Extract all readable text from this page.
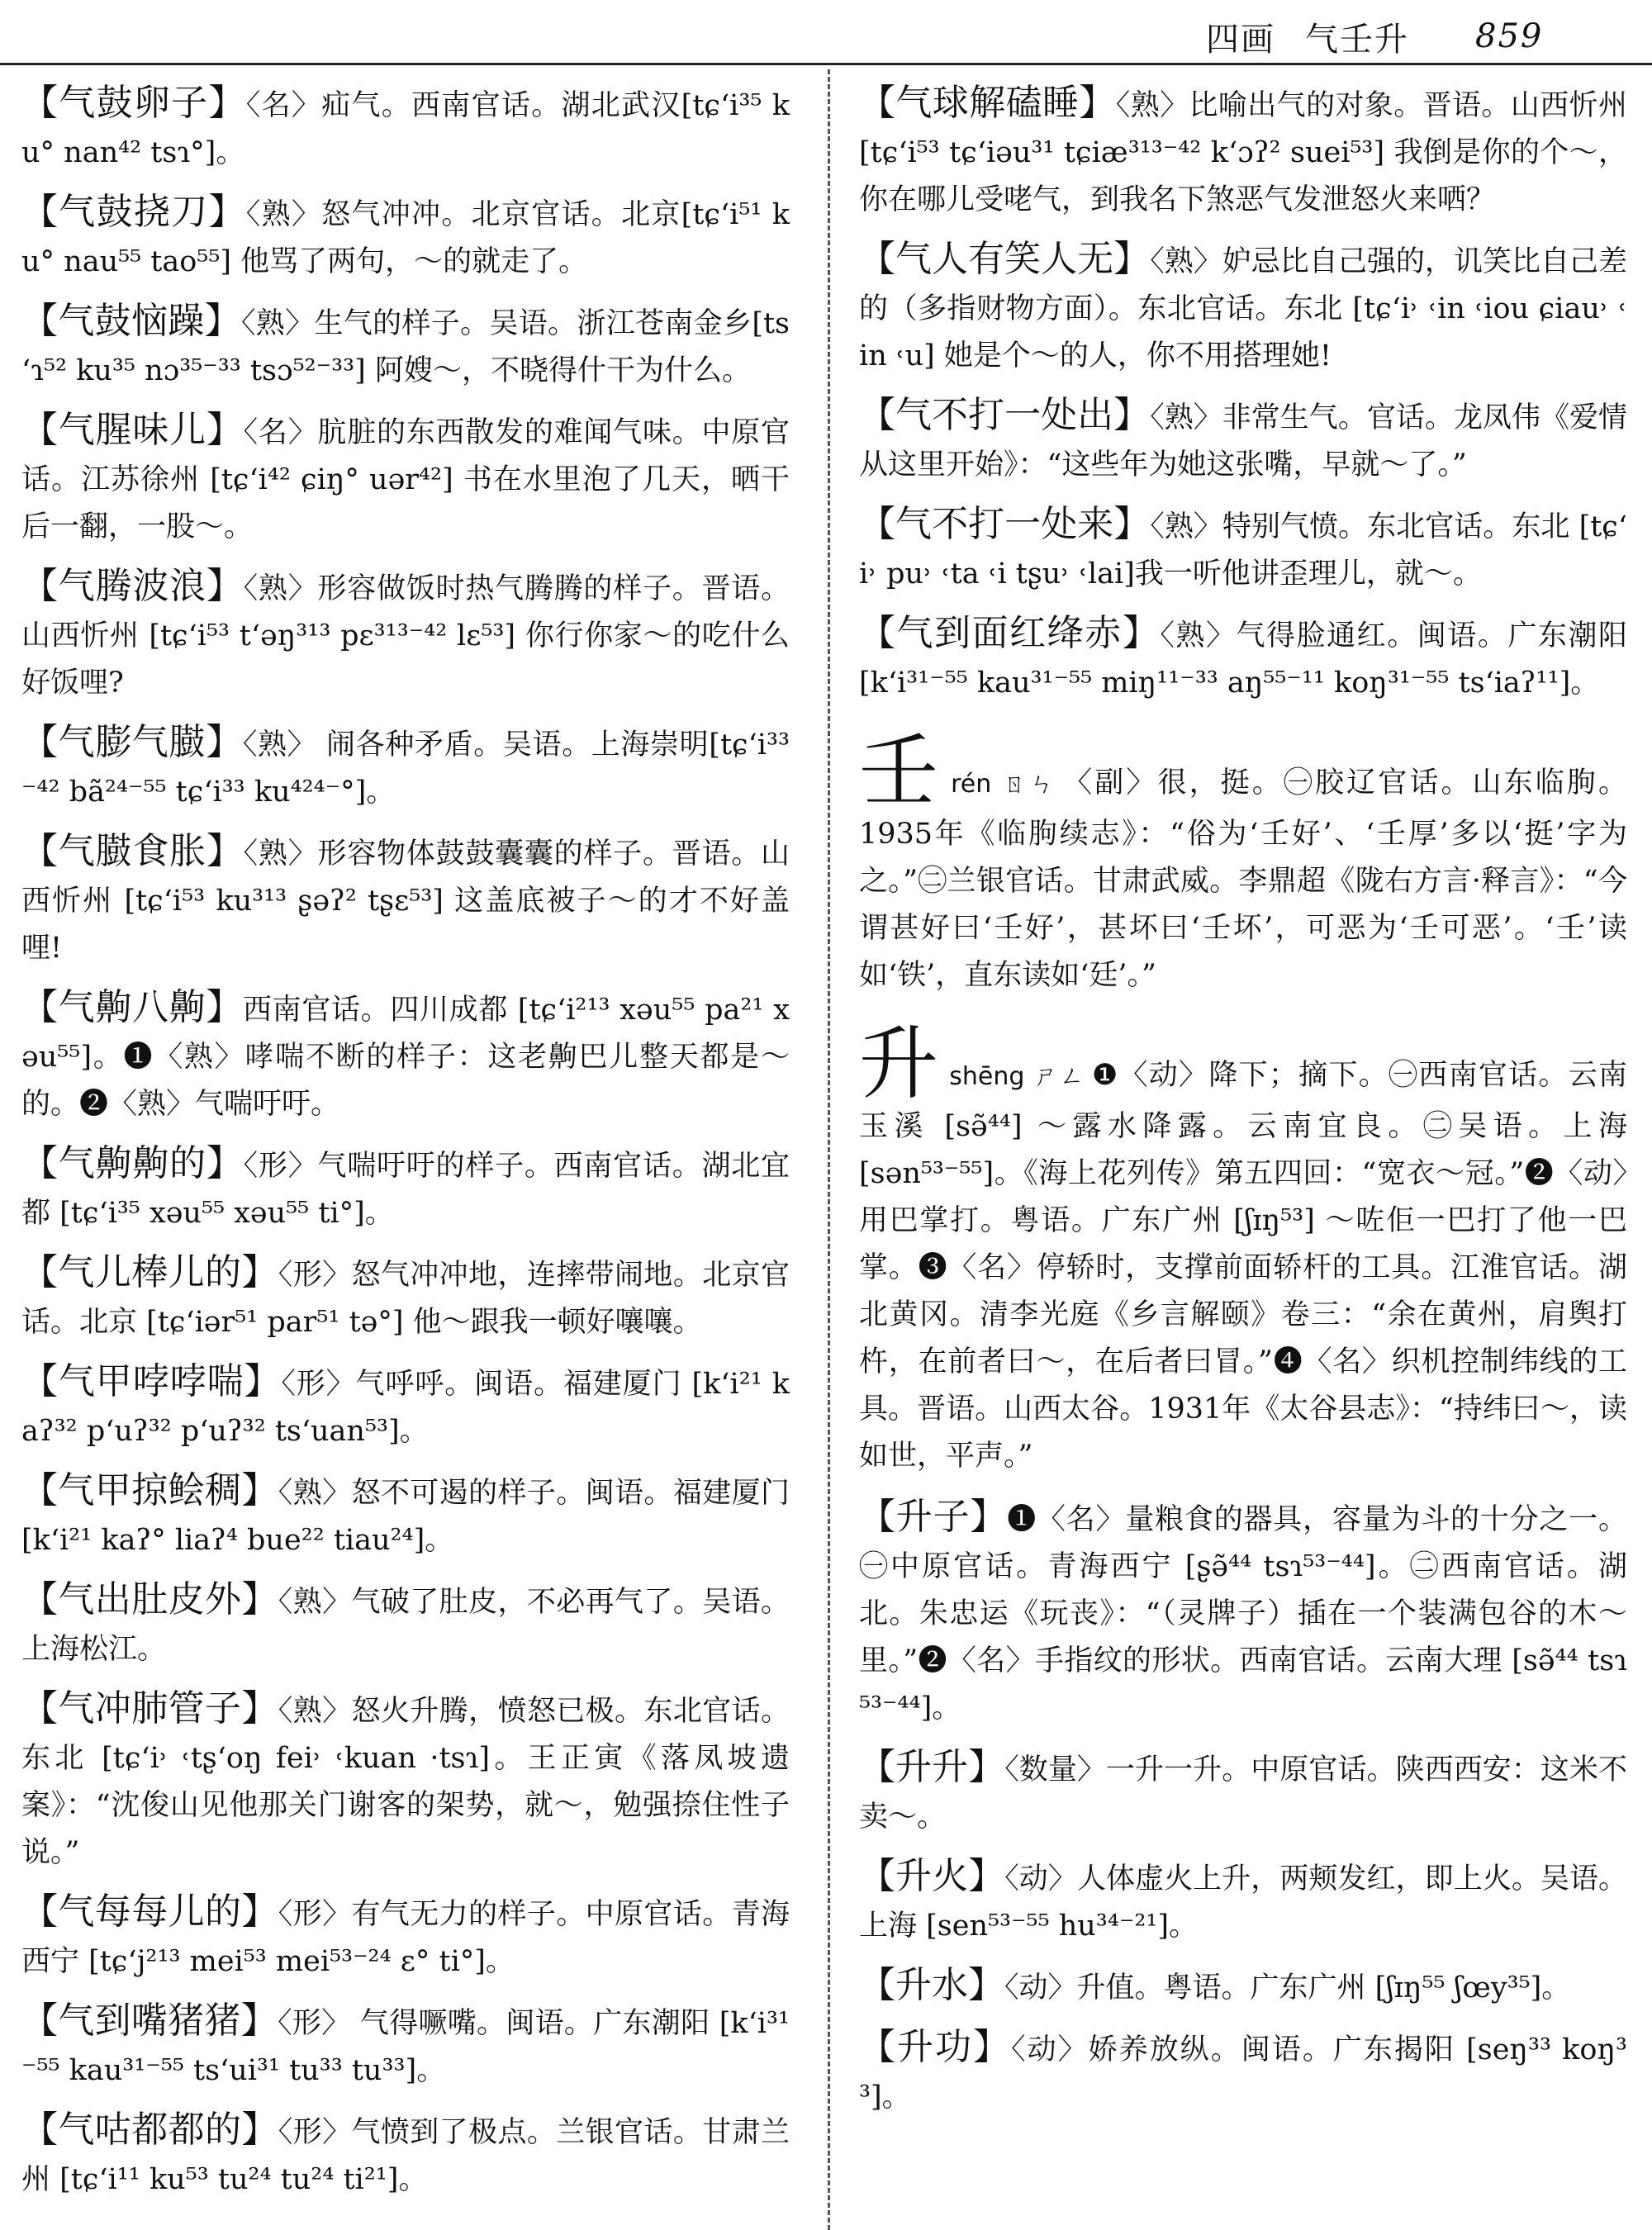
四画 气壬升 859
【 气鼓卵子 】 〈名〉疝气。西南官话。湖北武汉[tɕʻi³⁵ ku° nan⁴² tsɿ°]。
【 气鼓挠刀 】 〈熟〉怒气冲冲。北京官话。北京[tɕʻi⁵¹ ku° nau⁵⁵ tao⁵⁵] 他骂了两句，～的就走了。
【 气鼓恼躁 】 〈熟〉生气的样子。吴语。浙江苍南金乡[tsʻɿ⁵² ku³⁵ nɔ³⁵⁻³³ tsɔ⁵²⁻³³] 阿嫂～，不晓得什干为什么。
【 气腥味儿 】 〈名〉肮脏的东西散发的难闻气味。中原官话。江苏徐州 [tɕʻi⁴² ɕiŋ° uər⁴²] 书在水里泡了几天，晒干后一翻，一股～。
【 气腾波浪 】 〈熟〉形容做饭时热气腾腾的样子。晋语。山西忻州 [tɕʻi⁵³ tʻəŋ³¹³ pɛ³¹³⁻⁴² lɛ⁵³] 你行你家～的吃什么好饭哩?
【 气膨气臌 】 〈熟〉 闹各种矛盾。吴语。上海崇明[tɕʻi³³⁻⁴² bã²⁴⁻⁵⁵ tɕʻi³³ ku⁴²⁴⁻°]。
【 气臌食胀 】 〈熟〉形容物体鼓鼓囊囊的样子。晋语。山西忻州 [tɕʻi⁵³ ku³¹³ ʂəʔ² tʂɛ⁵³] 这盖底被子～的才不好盖哩!
【 气齁八齁 】 西南官话。四川成都 [tɕʻi²¹³ xəu⁵⁵ pa²¹ xəu⁵⁵]。❶〈熟〉哮喘不断的样子：这老齁巴儿整天都是～的。❷〈熟〉气喘吁吁。
【 气齁齁的 】 〈形〉气喘吁吁的样子。西南官话。湖北宜都 [tɕʻi³⁵ xəu⁵⁵ xəu⁵⁵ ti°]。
【 气儿棒儿的 】 〈形〉怒气冲冲地，连摔带闹地。北京官话。北京 [tɕʻiər⁵¹ par⁵¹ tə°] 他～跟我一顿好嚷嚷。
【 气甲哱哱喘 】 〈形〉气呼呼。闽语。福建厦门 [kʻi²¹ kaʔ³² pʻuʔ³² pʻuʔ³² tsʻuan⁵³]。
【 气甲掠鲙稠 】 〈熟〉怒不可遏的样子。闽语。福建厦门 [kʻi²¹ kaʔ° liaʔ⁴ bue²² tiau²⁴]。
【 气出肚皮外 】 〈熟〉气破了肚皮，不必再气了。吴语。上海松江。
【 气冲肺管子 】 〈熟〉怒火升腾，愤怒已极。东北官话。东北 [tɕʻi˒ ˓tʂʻoŋ fei˒ ˓kuan ·tsɿ]。王正寅《落凤坡遗案》：“沈俊山见他那关门谢客的架势，就～，勉强捺住性子说。”
【 气每每儿的 】 〈形〉有气无力的样子。中原官话。青海西宁 [tɕʻj²¹³ mei⁵³ mei⁵³⁻²⁴ ɛ° ti°]。
【 气到嘴猪猪 】 〈形〉 气得噘嘴。闽语。广东潮阳 [kʻi³¹⁻⁵⁵ kau³¹⁻⁵⁵ tsʻui³¹ tu³³ tu³³]。
【 气咕都都的 】 〈形〉气愤到了极点。兰银官话。甘肃兰州 [tɕʻi¹¹ ku⁵³ tu²⁴ tu²⁴ ti²¹]。
【 气球解磕睡 】 〈熟〉比喻出气的对象。晋语。山西忻州 [tɕʻi⁵³ tɕʻiəu³¹ tɕiæ³¹³⁻⁴² kʻɔʔ² suei⁵³] 我倒是你的个～，你在哪儿受咾气，到我名下煞恶气发泄怒火来哂？
【 气人有笑人无 】 〈熟〉妒忌比自己强的，讥笑比自己差的（多指财物方面）。东北官话。东北 [tɕʻi˒ ˓in ˓iou ɕiau˒ ˓in ˓u] 她是个～的人，你不用搭理她!
【 气不打一处出 】 〈熟〉非常生气。官话。龙凤伟《爱情从这里开始》：“这些年为她这张嘴，早就～了。”
【 气不打一处来 】 〈熟〉特别气愤。东北官话。东北 [tɕʻi˒ pu˒ ˓ta ˓i tʂu˒ ˓lai]我一听他讲歪理儿，就～。
【 气到面红绛赤 】 〈熟〉气得脸通红。闽语。广东潮阳 [kʻi³¹⁻⁵⁵ kau³¹⁻⁵⁵ miŋ¹¹⁻³³ aŋ⁵⁵⁻¹¹ koŋ³¹⁻⁵⁵ tsʻiaʔ¹¹]。
壬rén ㄖㄣ 〈副〉很，挺。㊀胶辽官话。山东临朐。1935年《临朐续志》：“俗为‘壬好’、‘壬厚’多以‘挺’字为之。”㊁兰银官话。甘肃武威。李鼎超《陇右方言·释言》：“今谓甚好曰‘壬好’，甚坏曰‘壬坏’，可恶为‘壬可恶’。‘壬’读如‘铁’，直东读如‘廷’。”
升shēng ㄕㄥ ❶〈动〉降下；摘下。㊀西南官话。云南玉溪 [sə̃⁴⁴] ～露水降露。云南宜良。㊁吴语。上海 [sən⁵³⁻⁵⁵]。《海上花列传》第五四回：“宽衣～冠。”❷〈动〉用巴掌打。粤语。广东广州 [ʃɪŋ⁵³] ～咗佢一巴打了他一巴掌。❸〈名〉停轿时，支撑前面轿杆的工具。江淮官话。湖北黄冈。清李光庭《乡言解颐》卷三：“余在黄州，肩舆打杵，在前者曰～，在后者曰冒。”❹〈名〉织机控制纬线的工具。晋语。山西太谷。1931年《太谷县志》：“持纬曰～，读如世，平声。”
【 升子 】 ❶〈名〉量粮食的器具，容量为斗的十分之一。㊀中原官话。青海西宁 [ʂə̃⁴⁴ tsɿ⁵³⁻⁴⁴]。㊁西南官话。湖北。朱忠运《玩丧》：“（灵牌子）插在一个装满包谷的木～里。”❷〈名〉手指纹的形状。西南官话。云南大理 [sə̃⁴⁴ tsɿ⁵³⁻⁴⁴]。
【 升升 】 〈数量〉一升一升。中原官话。陕西西安：这米不卖～。
【 升火 】 〈动〉人体虚火上升，两颊发红，即上火。吴语。上海 [sen⁵³⁻⁵⁵ hu³⁴⁻²¹]。
【 升水 】 〈动〉升值。粤语。广东广州 [ʃɪŋ⁵⁵ ʃœy³⁵]。
【 升功 】 〈动〉娇养放纵。闽语。广东揭阳 [seŋ³³ koŋ³³]。
